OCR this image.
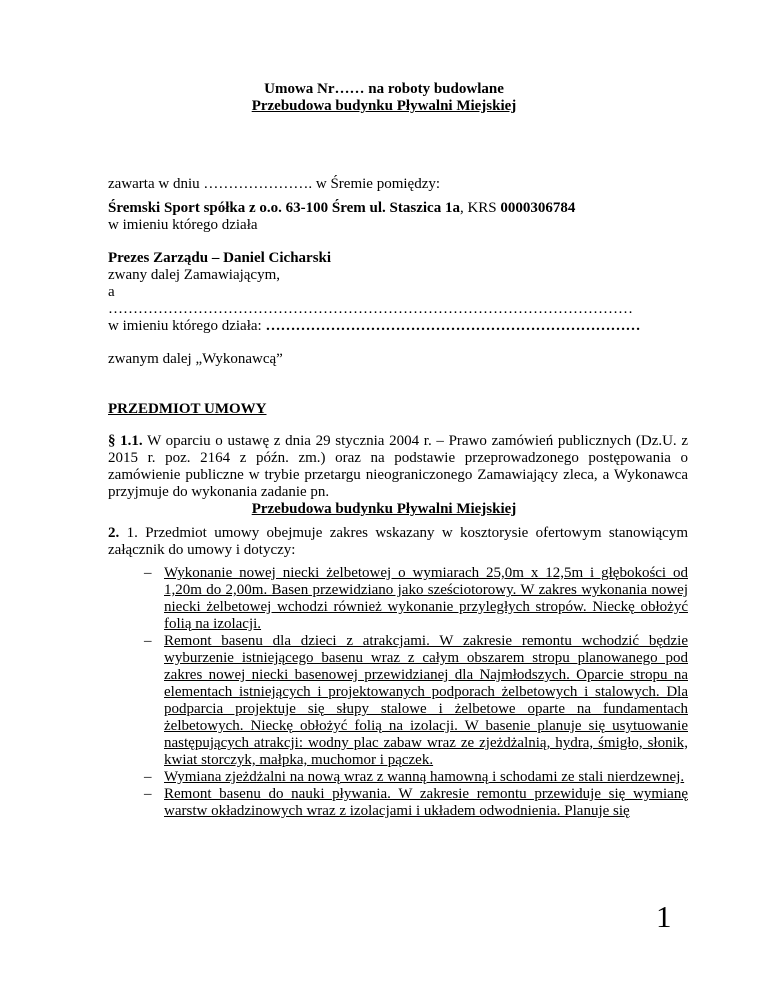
Umowa Nr…… na roboty budowlane
Przebudowa budynku Pływalni Miejskiej
zawarta w dniu …………………. w Śremie pomiędzy:
Śremski Sport spółka z o.o. 63-100 Śrem ul. Staszica 1a, KRS 0000306784
w imieniu którego działa
Prezes Zarządu – Daniel Cicharski
zwany dalej Zamawiającym,
a
……………………………………………………………………………………………
w imieniu którego działa: …………………………………………………………………
zwanym dalej „Wykonawcą”
PRZEDMIOT UMOWY
§ 1.1. W oparciu o ustawę z dnia 29 stycznia 2004 r. – Prawo zamówień publicznych (Dz.U. z 2015 r. poz. 2164 z późn. zm.) oraz na podstawie przeprowadzonego postępowania o zamówienie publiczne w trybie przetargu nieograniczonego Zamawiający zleca, a Wykonawca przyjmuje do wykonania zadanie pn.
Przebudowa budynku Pływalni Miejskiej
2. 1. Przedmiot umowy obejmuje zakres wskazany w kosztorysie ofertowym stanowiącym załącznik do umowy i dotyczy:
– Wykonanie nowej niecki żelbetowej o wymiarach 25,0m x 12,5m i głębokości od 1,20m do 2,00m. Basen przewidziano jako sześciotorowy. W zakres wykonania nowej niecki żelbetowej wchodzi również wykonanie przyległych stropów. Nieckę obłożyć folią na izolacji.
– Remont basenu dla dzieci z atrakcjami. W zakresie remontu wchodzić będzie wyburzenie istniejącego basenu wraz z całym obszarem stropu planowanego pod zakres nowej niecki basenowej przewidzianej dla Najmłodszych. Oparcie stropu na elementach istniejących i projektowanych podporach żelbetowych i stalowych. Dla podparcia projektuje się słupy stalowe i żelbetowe oparte na fundamentach żelbetowych. Nieckę obłożyć folią na izolacji. W basenie planuje się usytuowanie następujących atrakcji: wodny plac zabaw wraz ze zjeżdżalnią, hydra, śmigło, słonik, kwiat storczyk, małpka, muchomor i pączek.
– Wymiana zjeżdżalni na nową wraz z wanną hamowną i schodami ze stali nierdzewnej.
– Remont basenu do nauki pływania. W zakresie remontu przewiduje się wymianę warstw okładzinowych wraz z izolacjami i układem odwodnienia. Planuje się
1
